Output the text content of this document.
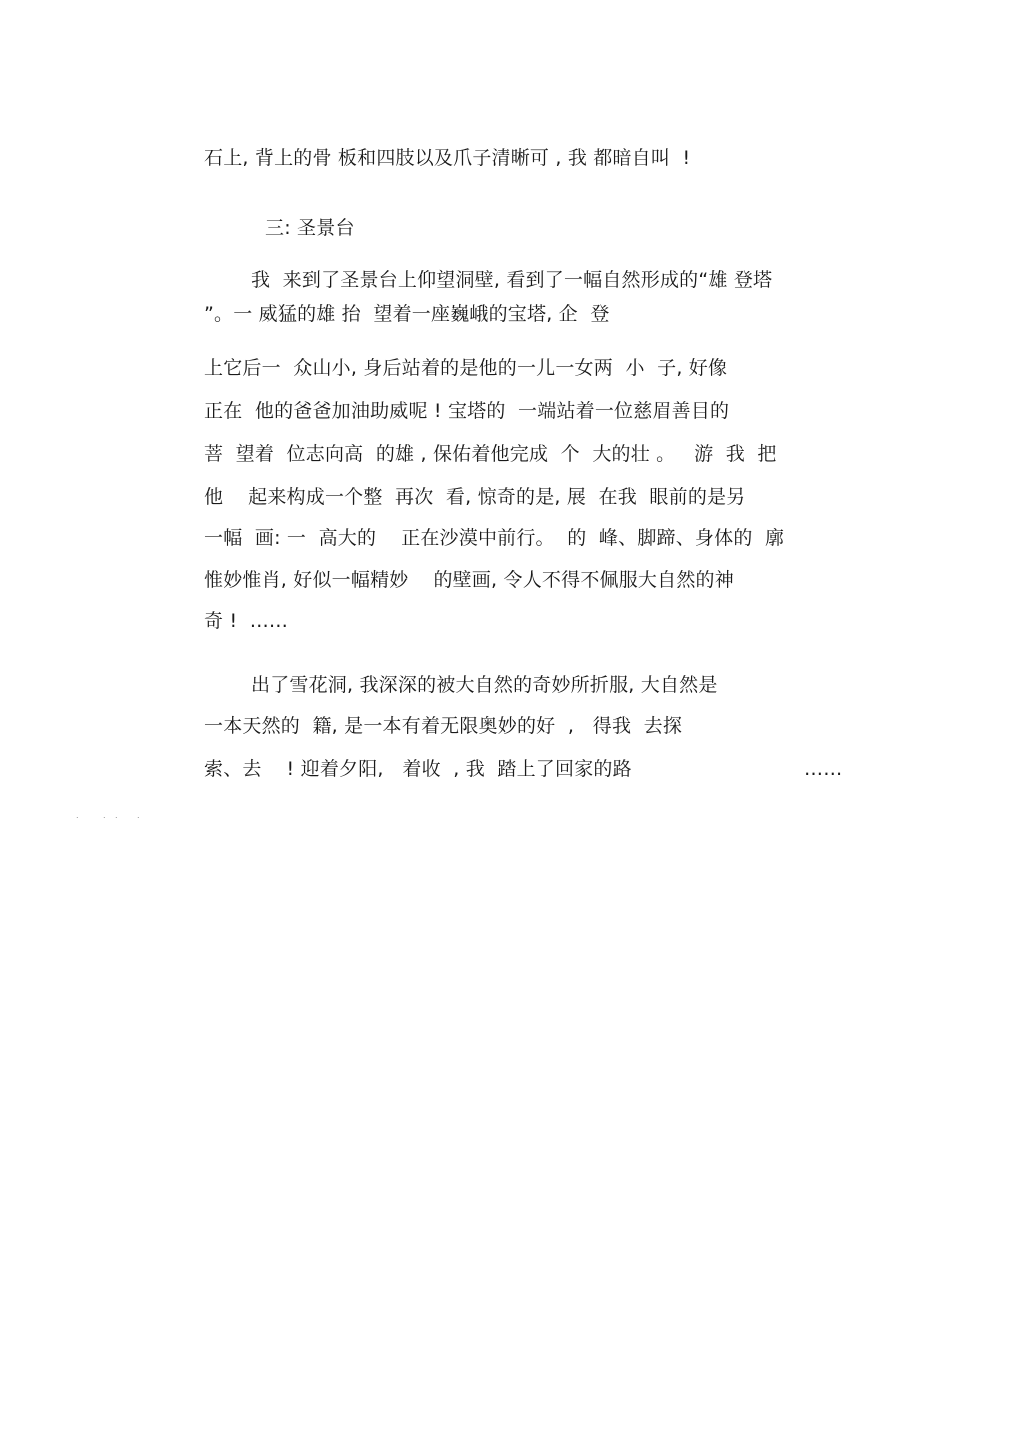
石上, 背上的骨 板和四肢以及爪子清晰可 , 我 都暗自叫  !
三: 圣景台
我  来到了圣景台上仰望洞壁, 看到了一幅自然形成的“雄 登塔
”。一 威猛的雄 抬  望着一座巍峨的宝塔, 企  登
上它后一  众山小, 身后站着的是他的一儿一女两  小  子, 好像
正在  他的爸爸加油助威呢 ! 宝塔的  一端站着一位慈眉善目的
菩  望着  位志向高  的雄 , 保佑着他完成  个  大的壮 。   游  我  把
他    起来构成一个整  再次  看, 惊奇的是, 展  在我  眼前的是另
一幅  画: 一  高大的    正在沙漠中前行。  的  峰、脚蹄、身体的  廓
惟妙惟肖, 好似一幅精妙    的壁画, 令人不得不佩服大自然的神
奇 !  ……
出了雪花洞, 我深深的被大自然的奇妙所折服, 大自然是
一本天然的  籍, 是一本有着无限奥妙的好  ,   得我  去探
索、去    ! 迎着夕阳,   着收  , 我  踏上了回家的路	……
.	. . .
